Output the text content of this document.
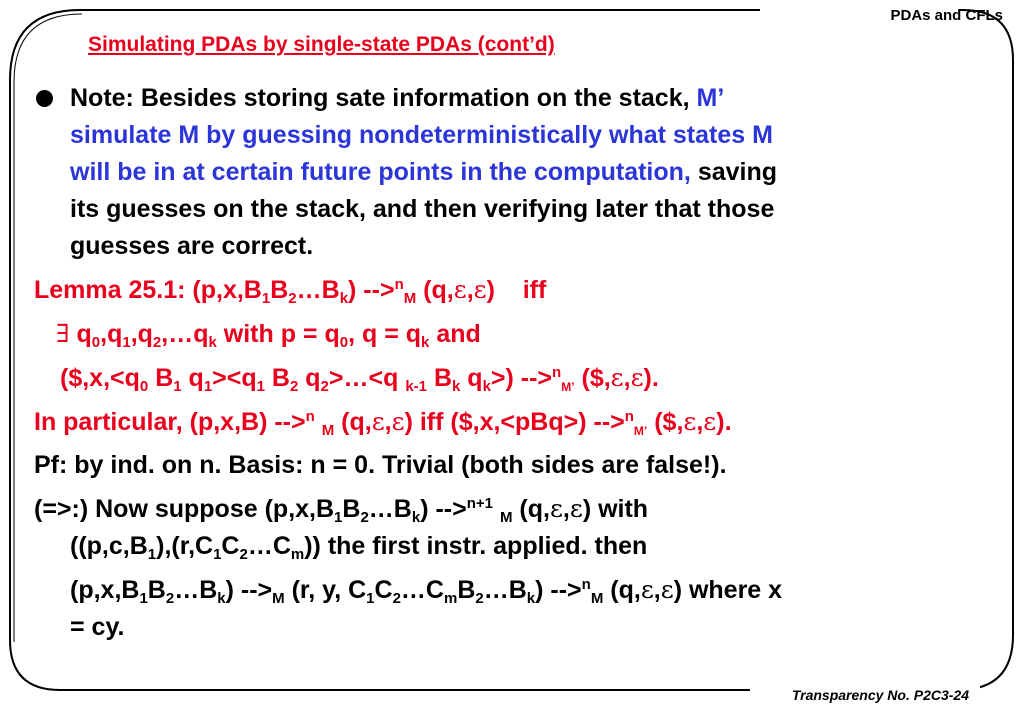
PDAs and CFLs
Transparency No. P2C3-24
Simulating PDAs by single-state PDAs (cont’d)
Note: Besides storing sate information on the stack, M’
simulate M by guessing nondeterministically what states M
will be in at certain future points in the computation, saving
its guesses on the stack, and then verifying later that those
guesses are correct.
Lemma 25.1: $(p,x,B_1B_2\dots B_k)$ -->$^n_M$ (q,ε,ε)    iff
∃ $q_0,q_1,q_2,\dots q_k$ with $p = q_0$, $q = q_k$ and
($\$,x,<q_0$ $B_1$ $q_1><q_1$ $B_2$ $q_2>\dots<q$ $_{k-1}$ $B_k$ $q_k>$) -->$^n_{M’}$ ($,ε,ε).
In particular, (p,x,B) -->$^n$ $_M$ (q,ε,ε) iff ($,x,<pBq>) -->$^n_{M’}$ ($,ε,ε).
Pf: by ind. on n. Basis: n = 0. Trivial (both sides are false!).
(=>:) Now suppose $(p,x,B_1B_2\dots B_k)$ -->$^{n+1}$ $_M$ (q,ε,ε) with
$((p,c,B_1),(r,C_1C_2\dots C_m))$ the first instr. applied. then
$(p,x,B_1B_2\dots B_k)$ $-->_M$ (r, y, $C_1C_2\dots C_mB_2\dots B_k$) -->$^n_M$ (q,ε,ε) where x
= cy.
